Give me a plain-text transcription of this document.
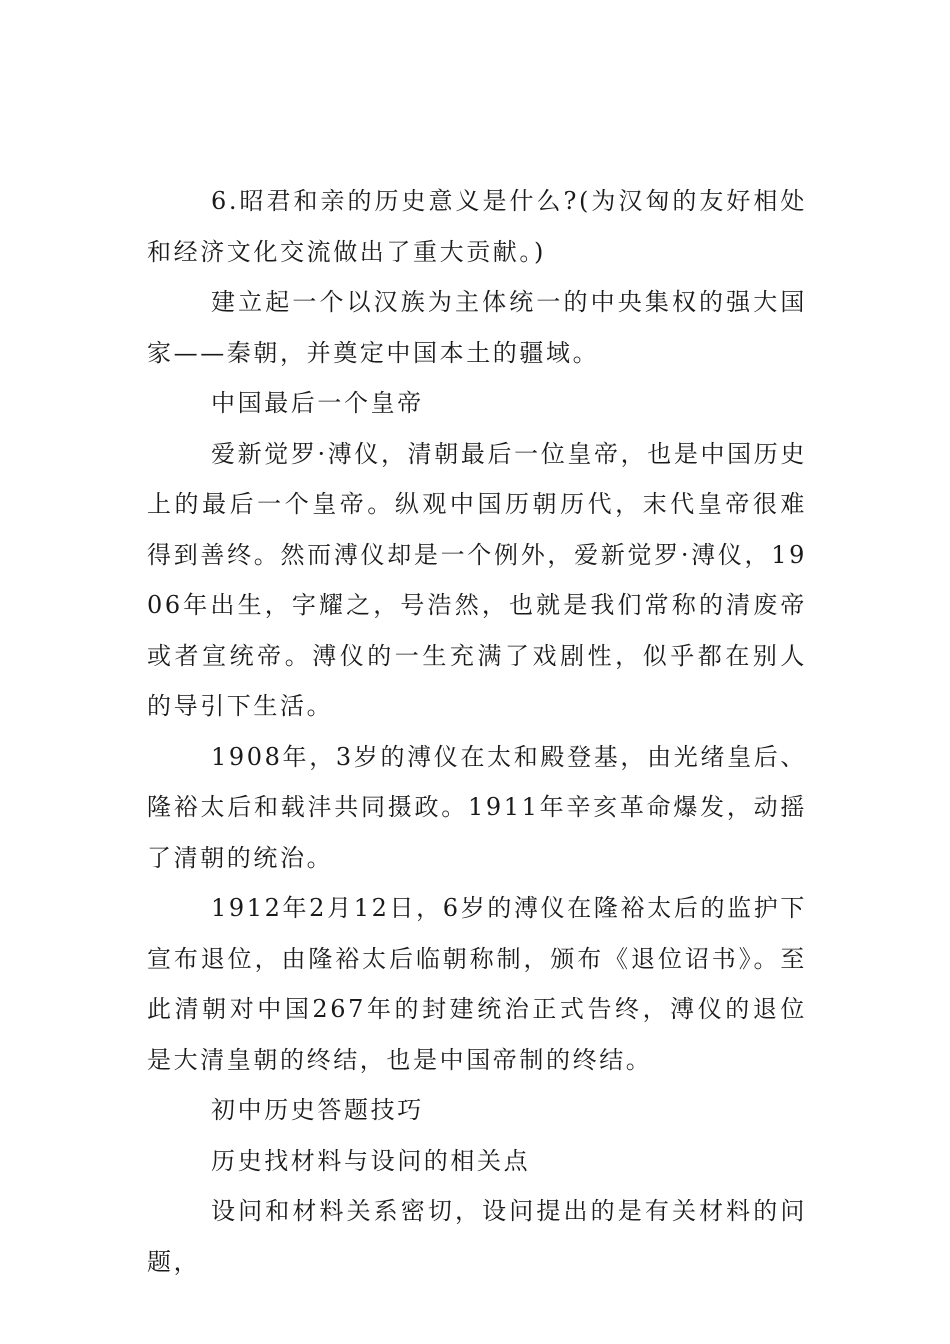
6.昭君和亲的历史意义是什么?(为汉匈的友好相处和经济文化交流做出了重大贡献。)

建立起一个以汉族为主体统一的中央集权的强大国家——秦朝，并奠定中国本土的疆域。

中国最后一个皇帝

爱新觉罗·溥仪，清朝最后一位皇帝，也是中国历史上的最后一个皇帝。纵观中国历朝历代，末代皇帝很难得到善终。然而溥仪却是一个例外，爱新觉罗·溥仪，1906年出生，字耀之，号浩然，也就是我们常称的清废帝或者宣统帝。溥仪的一生充满了戏剧性，似乎都在别人的导引下生活。

1908年，3岁的溥仪在太和殿登基，由光绪皇后、隆裕太后和载沣共同摄政。1911年辛亥革命爆发，动摇了清朝的统治。

1912年2月12日，6岁的溥仪在隆裕太后的监护下宣布退位，由隆裕太后临朝称制，颁布《退位诏书》。至此清朝对中国267年的封建统治正式告终，溥仪的退位是大清皇朝的终结，也是中国帝制的终结。

初中历史答题技巧

历史找材料与设问的相关点

设问和材料关系密切，设问提出的是有关材料的问题，
